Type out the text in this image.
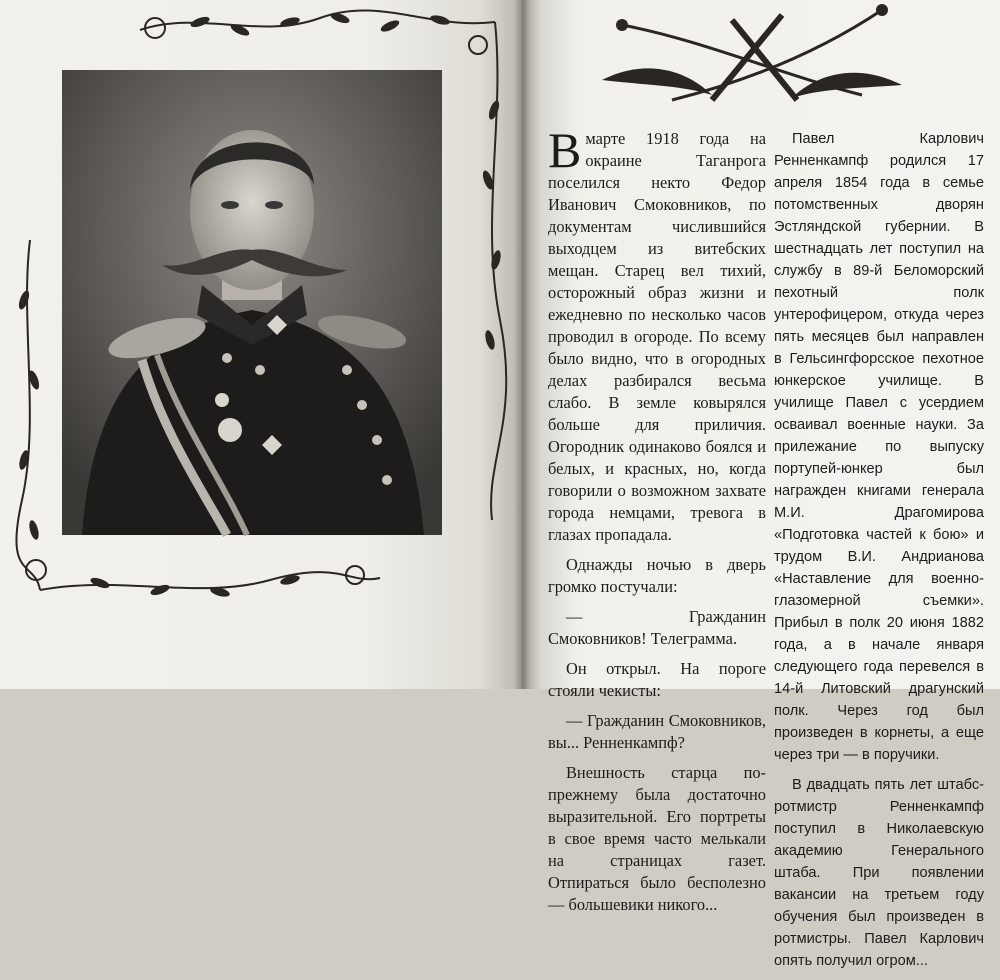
В марте 1918 года на окраине Таганрога поселился некто Федор Иванович Смоковников, по документам числившийся выходцем из витебских мещан. Старец вел тихий, осторожный образ жизни и ежедневно по несколько часов проводил в огороде. По всему было видно, что в огородных делах разбирался весьма слабо. В земле ковырялся больше для приличия. Огородник одинаково боялся и белых, и красных, но, когда говорили о возможном захвате города немцами, тревога в глазах пропадала.

Однажды ночью в дверь громко постучали:

— Гражданин Смоковников! Телеграмма.

Он открыл. На пороге стояли чекисты:

— Гражданин Смоковников, вы... Ренненкампф?

Внешность старца по-прежнему была достаточно выразительной. Его портреты в свое время часто мелькали на страницах газет. Отпираться было бесполезно — большевики никого...

Павел Карлович Ренненкампф родился 17 апреля 1854 года в семье потомственных дворян Эстляндской губернии. В шестнадцать лет поступил на службу в 89-й Беломорский пехотный полк унтерофицером, откуда через пять месяцев был направлен в Гельсингфорсское пехотное юнкерское училище. В училище Павел с усердием осваивал военные науки. За прилежание по выпуску портупей-юнкер был награжден книгами генерала М.И. Драгомирова «Подготовка частей к бою» и трудом В.И. Андрианова «Наставление для военно-глазомерной съемки». Прибыл в полк 20 июня 1882 года, а в начале января следующего года перевелся в 14-й Литовский драгунский полк. Через год был произведен в корнеты, а еще через три — в поручики.

В двадцать пять лет штабс-ротмистр Ренненкампф поступил в Николаевскую академию Генерального штаба. При появлении вакансии на третьем году обучения был произведен в ротмистры. Павел Карлович опять получил огром...
